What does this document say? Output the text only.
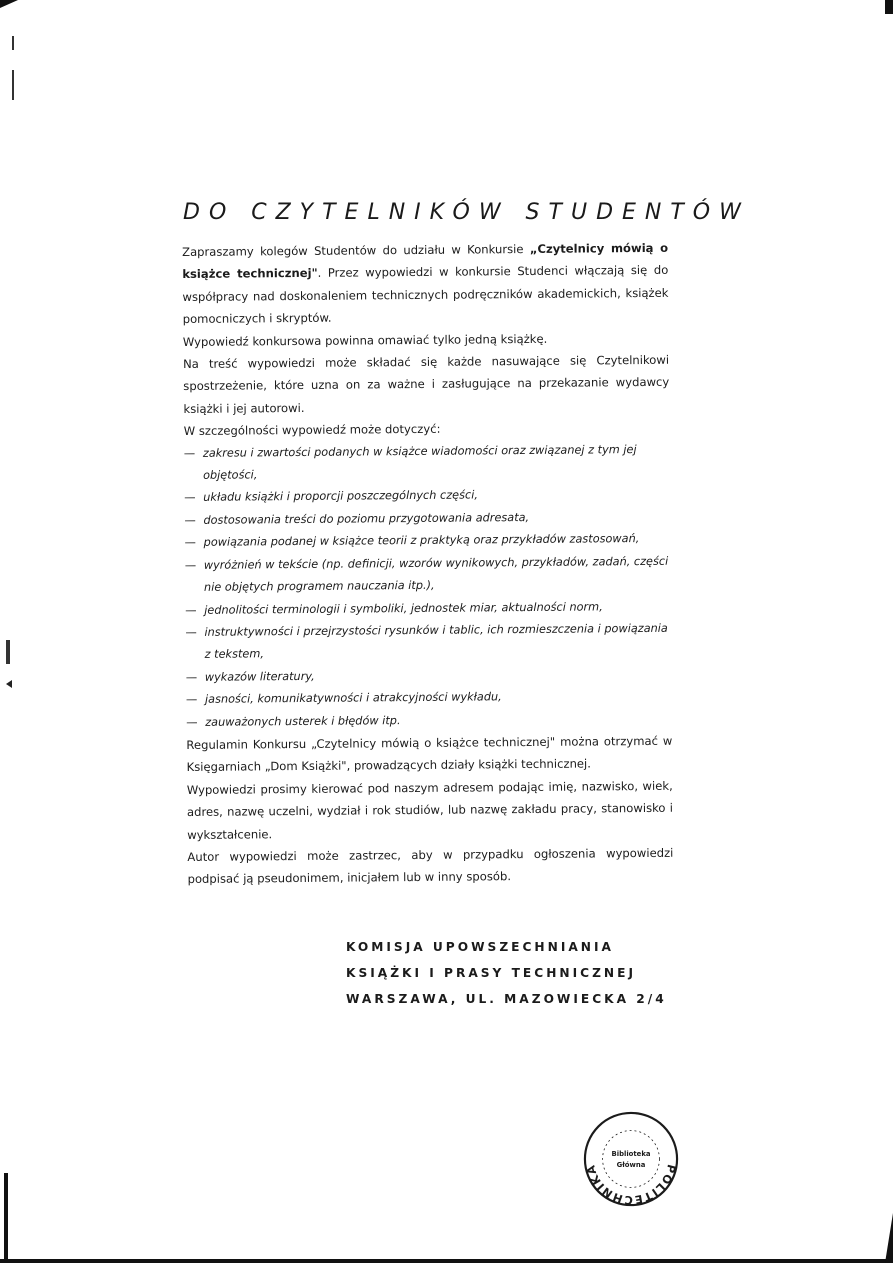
DO CZYTELNIKÓW STUDENTÓW

Zapraszamy kolegów Studentów do udziału w Konkursie „Czytelnicy mówią o książce technicznej". Przez wypowiedzi w konkursie Studenci włączają się do współpracy nad doskonaleniem technicznych podręczników akademickich, książek pomocniczych i skryptów.

Wypowiedź konkursowa powinna omawiać tylko jedną książkę.

Na treść wypowiedzi może składać się każde nasuwające się Czytelnikowi spostrzeżenie, które uzna on za ważne i zasługujące na przekazanie wydawcy książki i jej autorowi.

W szczególności wypowiedź może dotyczyć:

— zakresu i zwartości podanych w książce wiadomości oraz związanej z tym jej objętości,
— układu książki i proporcji poszczególnych części,
— dostosowania treści do poziomu przygotowania adresata,
— powiązania podanej w książce teorii z praktyką oraz przykładów zastosowań,
— wyróżnień w tekście (np. definicji, wzorów wynikowych, przykładów, zadań, części nie objętych programem nauczania itp.),
— jednolitości terminologii i symboliki, jednostek miar, aktualności norm,
— instruktywności i przejrzystości rysunków i tablic, ich rozmieszczenia i powiązania z tekstem,
— wykazów literatury,
— jasności, komunikatywności i atrakcyjności wykładu,
— zauważonych usterek i błędów itp.

Regulamin Konkursu „Czytelnicy mówią o książce technicznej" można otrzymać w Księgarniach „Dom Książki", prowadzących działy książki technicznej.

Wypowiedzi prosimy kierować pod naszym adresem podając imię, nazwisko, wiek, adres, nazwę uczelni, wydział i rok studiów, lub nazwę zakładu pracy, stanowisko i wykształcenie.

Autor wypowiedzi może zastrzec, aby w przypadku ogłoszenia wypowiedzi podpisać ją pseudonimem, inicjałem lub w inny sposób.

KOMISJA UPOWSZECHNIANIA
KSIĄŻKI I PRASY TECHNICZNEJ
WARSZAWA, UL. MAZOWIECKA 2/4
POLITECHNIKA
Biblioteka
Główna
